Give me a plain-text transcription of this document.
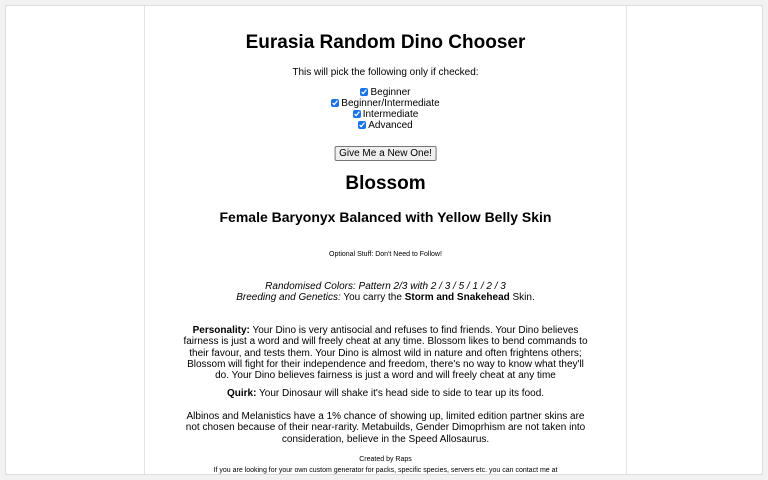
Eurasia Random Dino Chooser
This will pick the following only if checked:
Beginner
Beginner/Intermediate
Intermediate
Advanced
Give Me a New One!
Blossom
Female Baryonyx Balanced with Yellow Belly Skin
Optional Stuff: Don't Need to Follow!
Randomised Colors: Pattern 2/3 with 2 / 3 / 5 / 1 / 2 / 3
Breeding and Genetics: You carry the Storm and Snakehead Skin.
Personality: Your Dino is very antisocial and refuses to find friends. Your Dino believes fairness is just a word and will freely cheat at any time. Blossom likes to bend commands to their favour, and tests them. Your Dino is almost wild in nature and often frightens others; Blossom will fight for their independence and freedom, there's no way to know what they'll do. Your Dino believes fairness is just a word and will freely cheat at any time
Quirk: Your Dinosaur will shake it's head side to side to tear up its food.
Albinos and Melanistics have a 1% chance of showing up, limited edition partner skins are not chosen because of their near-rarity. Metabuilds, Gender Dimoprhism are not taken into consideration, believe in the Speed Allosaurus.
Created by Raps
If you are looking for your own custom generator for packs, specific species, servers etc. you can contact me at
